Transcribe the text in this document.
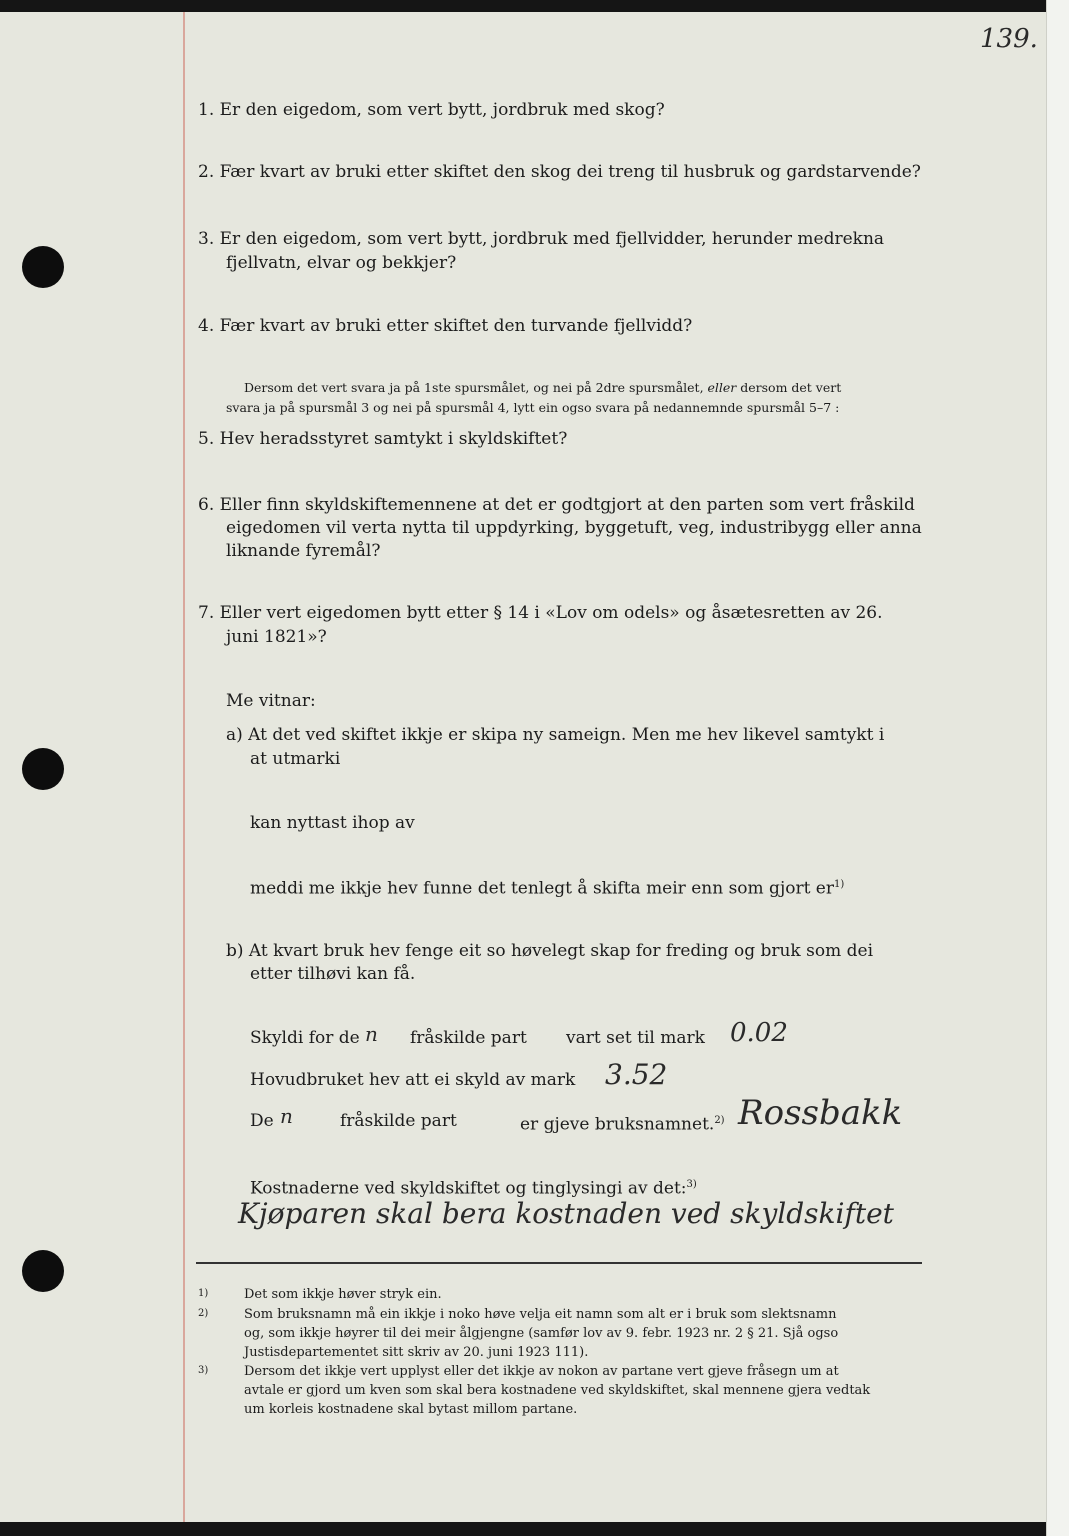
139.
1. Er den eigedom, som vert bytt, jordbruk med skog?
2. Fær kvart av bruki etter skiftet den skog dei treng til husbruk og gardstarvende?
3. Er den eigedom, som vert bytt, jordbruk med fjellvidder, herunder medrekna
fjellvatn, elvar og bekkjer?
4. Fær kvart av bruki etter skiftet den turvande fjellvidd?
Dersom det vert svara ja på 1ste spursmålet, og nei på 2dre spursmålet, eller dersom det vert
svara ja på spursmål 3 og nei på spursmål 4, lytt ein ogso svara på nedannemnde spursmål 5–7 :
5. Hev heradsstyret samtykt i skyldskiftet?
6. Eller finn skyldskiftemennene at det er godtgjort at den parten som vert fråskild
eigedomen vil verta nytta til uppdyrking, byggetuft, veg, industribygg eller anna
liknande fyremål?
7. Eller vert eigedomen bytt etter § 14 i «Lov om odels» og åsætesretten av 26.
juni 1821»?
Me vitnar:
a) At det ved skiftet ikkje er skipa ny sameign. Men me hev likevel samtykt i
at utmarki
kan nyttast ihop av
meddi me ikkje hev funne det tenlegt å skifta meir enn som gjort $er^{1)}$
b) At kvart bruk hev fenge eit so høvelegt skap for freding og bruk som dei
etter tilhøvi kan få.
Skyldi for de n fråskilde part vart set til mark 0.02
Hovudbruket hev att ei skyld av mark 3.52
De n	fråskilde part	er gjeve bruksnamnet.$^{2)}$ Rossbakk
Kostnaderne ved skyldskiftet og tinglysingi av det:$^{3)}$
Kjøparen skal bera kostnaden ved skyldskiftet
1)	Det som ikkje høver stryk ein.
2)	Som bruksnamn må ein ikkje i noko høve velja eit namn som alt er i bruk som slektsnamn
og, som ikkje høyrer til dei meir ålgjengne (samfør lov av 9. febr. 1923 nr. 2 § 21. Sjå ogso
Justisdepartementet sitt skriv av 20. juni 1923 111).
3)	Dersom det ikkje vert upplyst eller det ikkje av nokon av partane vert gjeve fråsegn um at
avtale er gjord um kven som skal bera kostnadene ved skyldskiftet, skal mennene gjera vedtak
um korleis kostnadene skal bytast millom partane.
